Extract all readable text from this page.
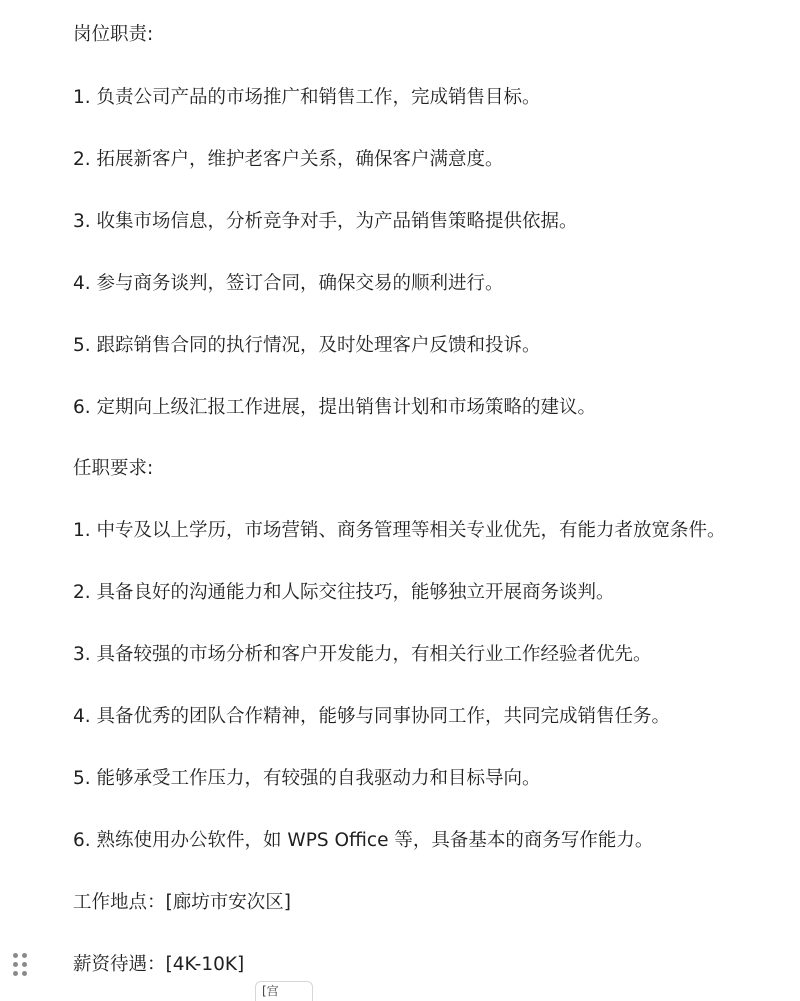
岗位职责:
1. 负责公司产品的市场推广和销售工作，完成销售目标。
2. 拓展新客户，维护老客户关系，确保客户满意度。
3. 收集市场信息，分析竞争对手，为产品销售策略提供依据。
4. 参与商务谈判，签订合同，确保交易的顺利进行。
5. 跟踪销售合同的执行情况，及时处理客户反馈和投诉。
6. 定期向上级汇报工作进展，提出销售计划和市场策略的建议。
任职要求:
1. 中专及以上学历，市场营销、商务管理等相关专业优先，有能力者放宽条件。
2. 具备良好的沟通能力和人际交往技巧，能够独立开展商务谈判。
3. 具备较强的市场分析和客户开发能力，有相关行业工作经验者优先。
4. 具备优秀的团队合作精神，能够与同事协同工作，共同完成销售任务。
5. 能够承受工作压力，有较强的自我驱动力和目标导向。
6. 熟练使用办公软件，如 WPS Office 等，具备基本的商务写作能力。
工作地点：[廊坊市安次区]
薪资待遇：[4K-10K]
[宫
